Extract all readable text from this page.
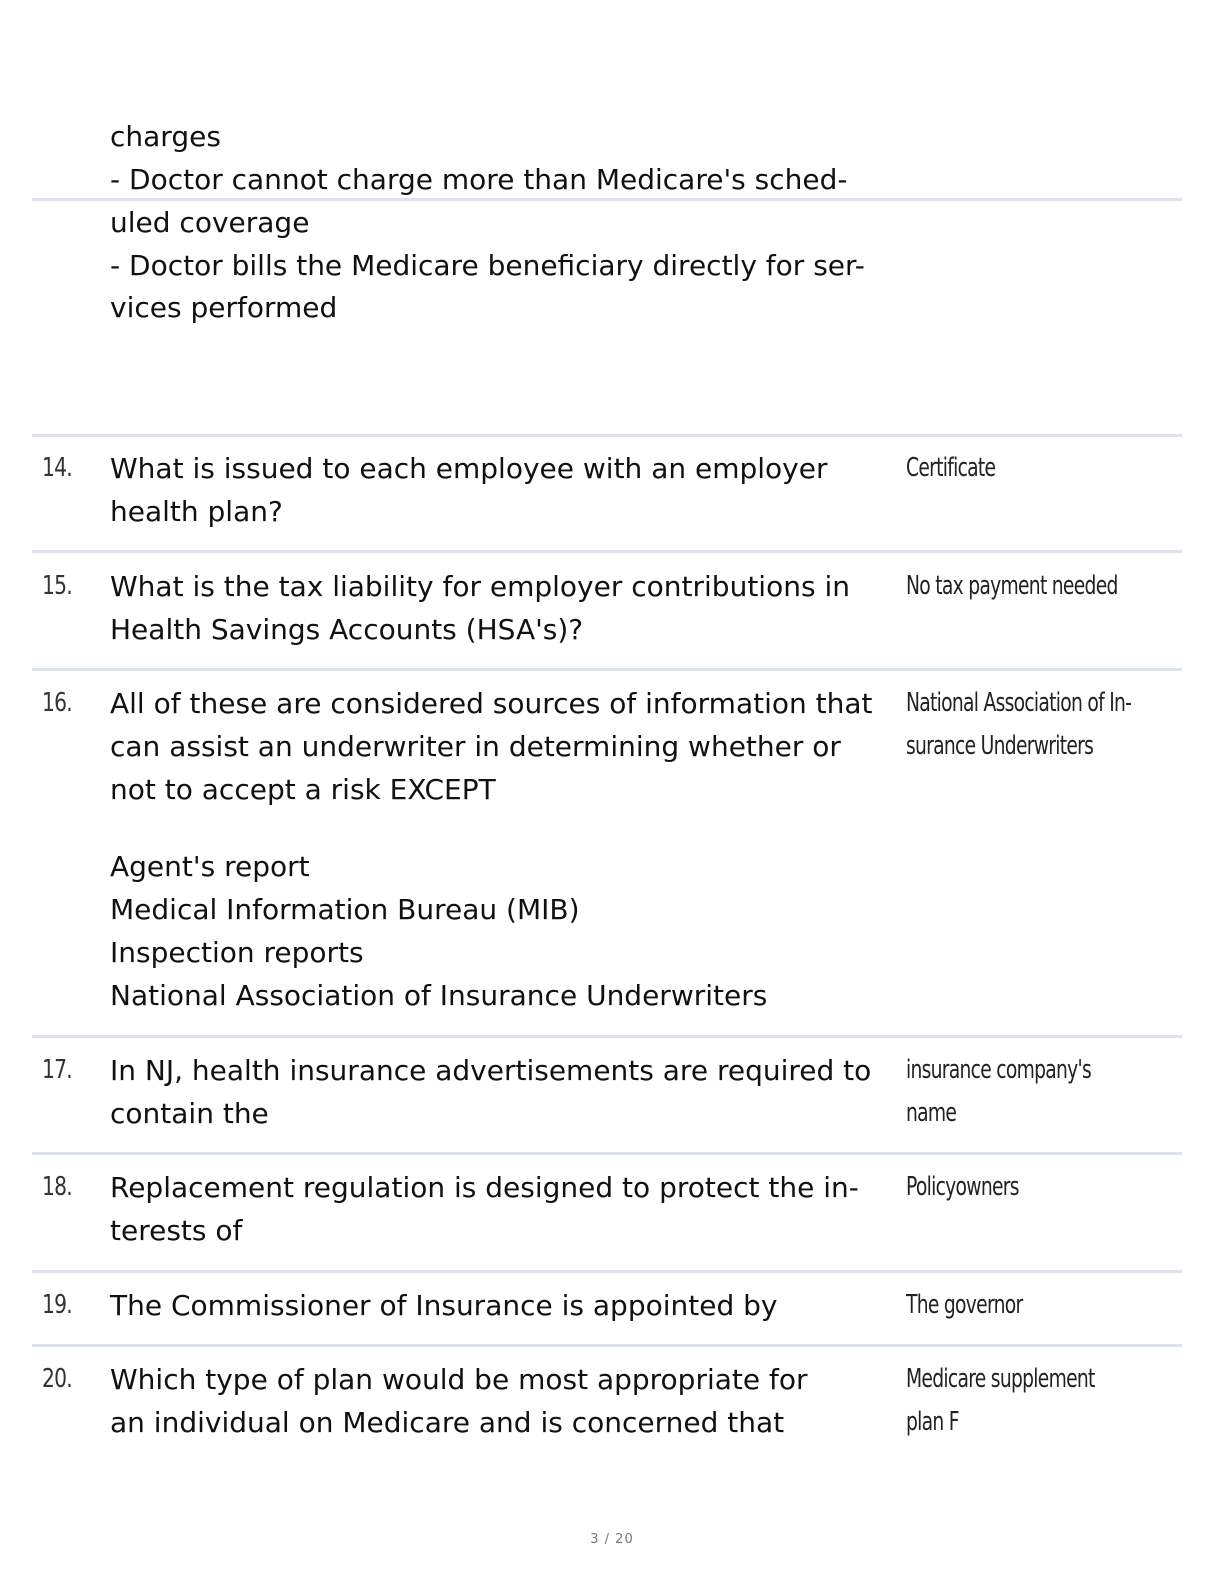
charges
- Doctor cannot charge more than Medicare's sched-
uled coverage
- Doctor bills the Medicare beneficiary directly for ser-
vices performed
14. What is issued to each employee with an employer
health plan?
Certificate
15. What is the tax liability for employer contributions in
Health Savings Accounts (HSA's)?
No tax payment needed
16. All of these are considered sources of information that
can assist an underwriter in determining whether or
not to accept a risk EXCEPT
Agent's report
Medical Information Bureau (MIB)
Inspection reports
National Association of Insurance Underwriters
National Association of In-
surance Underwriters
17. In NJ, health insurance advertisements are required to
contain the
insurance company's
name
18. Replacement regulation is designed to protect the in-
terests of
Policyowners
19. The Commissioner of Insurance is appointed by	The governor
20. Which type of plan would be most appropriate for
an individual on Medicare and is concerned that
Medicare supplement
plan F
3 / 20
